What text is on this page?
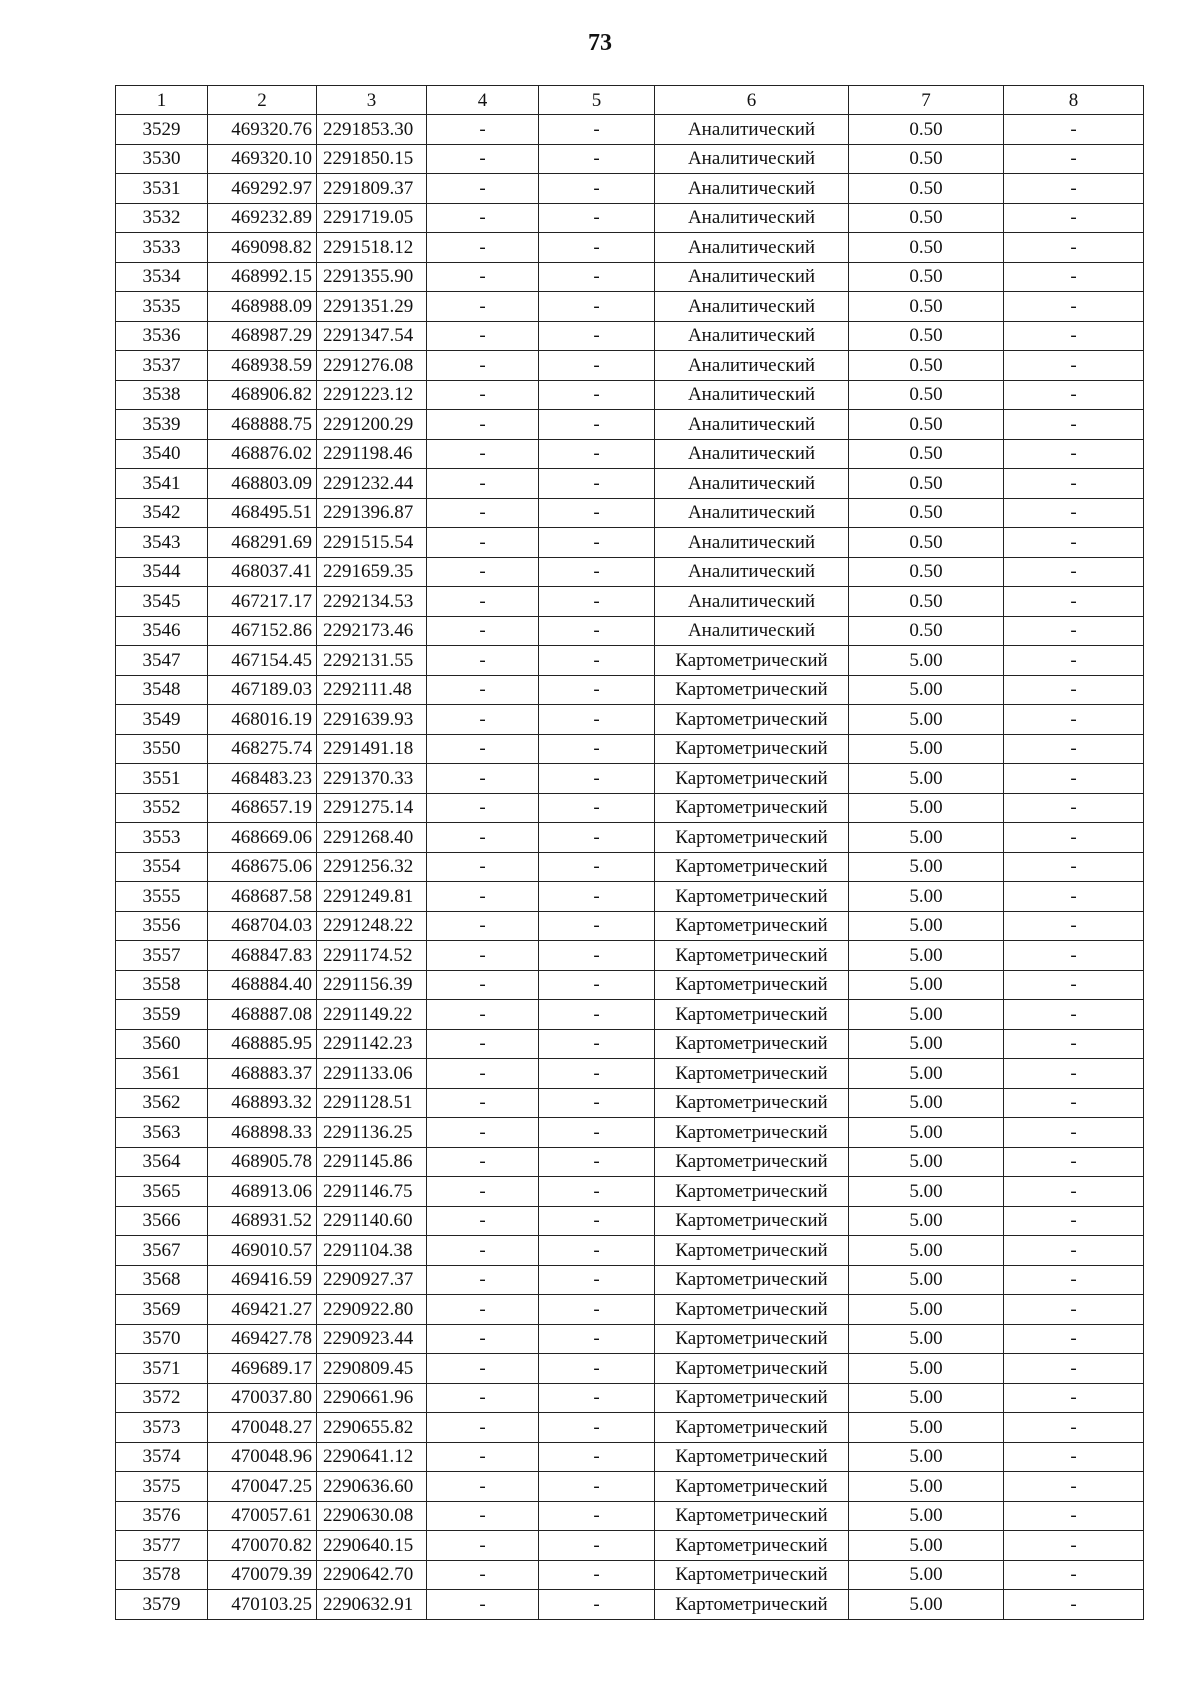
73
1	2	3	4	5	6	7	8
3529	469320.76	2291853.30	-	-	Аналитический	0.50	-
3530	469320.10	2291850.15	-	-	Аналитический	0.50	-
3531	469292.97	2291809.37	-	-	Аналитический	0.50	-
3532	469232.89	2291719.05	-	-	Аналитический	0.50	-
3533	469098.82	2291518.12	-	-	Аналитический	0.50	-
3534	468992.15	2291355.90	-	-	Аналитический	0.50	-
3535	468988.09	2291351.29	-	-	Аналитический	0.50	-
3536	468987.29	2291347.54	-	-	Аналитический	0.50	-
3537	468938.59	2291276.08	-	-	Аналитический	0.50	-
3538	468906.82	2291223.12	-	-	Аналитический	0.50	-
3539	468888.75	2291200.29	-	-	Аналитический	0.50	-
3540	468876.02	2291198.46	-	-	Аналитический	0.50	-
3541	468803.09	2291232.44	-	-	Аналитический	0.50	-
3542	468495.51	2291396.87	-	-	Аналитический	0.50	-
3543	468291.69	2291515.54	-	-	Аналитический	0.50	-
3544	468037.41	2291659.35	-	-	Аналитический	0.50	-
3545	467217.17	2292134.53	-	-	Аналитический	0.50	-
3546	467152.86	2292173.46	-	-	Аналитический	0.50	-
3547	467154.45	2292131.55	-	-	Картометрический	5.00	-
3548	467189.03	2292111.48	-	-	Картометрический	5.00	-
3549	468016.19	2291639.93	-	-	Картометрический	5.00	-
3550	468275.74	2291491.18	-	-	Картометрический	5.00	-
3551	468483.23	2291370.33	-	-	Картометрический	5.00	-
3552	468657.19	2291275.14	-	-	Картометрический	5.00	-
3553	468669.06	2291268.40	-	-	Картометрический	5.00	-
3554	468675.06	2291256.32	-	-	Картометрический	5.00	-
3555	468687.58	2291249.81	-	-	Картометрический	5.00	-
3556	468704.03	2291248.22	-	-	Картометрический	5.00	-
3557	468847.83	2291174.52	-	-	Картометрический	5.00	-
3558	468884.40	2291156.39	-	-	Картометрический	5.00	-
3559	468887.08	2291149.22	-	-	Картометрический	5.00	-
3560	468885.95	2291142.23	-	-	Картометрический	5.00	-
3561	468883.37	2291133.06	-	-	Картометрический	5.00	-
3562	468893.32	2291128.51	-	-	Картометрический	5.00	-
3563	468898.33	2291136.25	-	-	Картометрический	5.00	-
3564	468905.78	2291145.86	-	-	Картометрический	5.00	-
3565	468913.06	2291146.75	-	-	Картометрический	5.00	-
3566	468931.52	2291140.60	-	-	Картометрический	5.00	-
3567	469010.57	2291104.38	-	-	Картометрический	5.00	-
3568	469416.59	2290927.37	-	-	Картометрический	5.00	-
3569	469421.27	2290922.80	-	-	Картометрический	5.00	-
3570	469427.78	2290923.44	-	-	Картометрический	5.00	-
3571	469689.17	2290809.45	-	-	Картометрический	5.00	-
3572	470037.80	2290661.96	-	-	Картометрический	5.00	-
3573	470048.27	2290655.82	-	-	Картометрический	5.00	-
3574	470048.96	2290641.12	-	-	Картометрический	5.00	-
3575	470047.25	2290636.60	-	-	Картометрический	5.00	-
3576	470057.61	2290630.08	-	-	Картометрический	5.00	-
3577	470070.82	2290640.15	-	-	Картометрический	5.00	-
3578	470079.39	2290642.70	-	-	Картометрический	5.00	-
3579	470103.25	2290632.91	-	-	Картометрический	5.00	-
